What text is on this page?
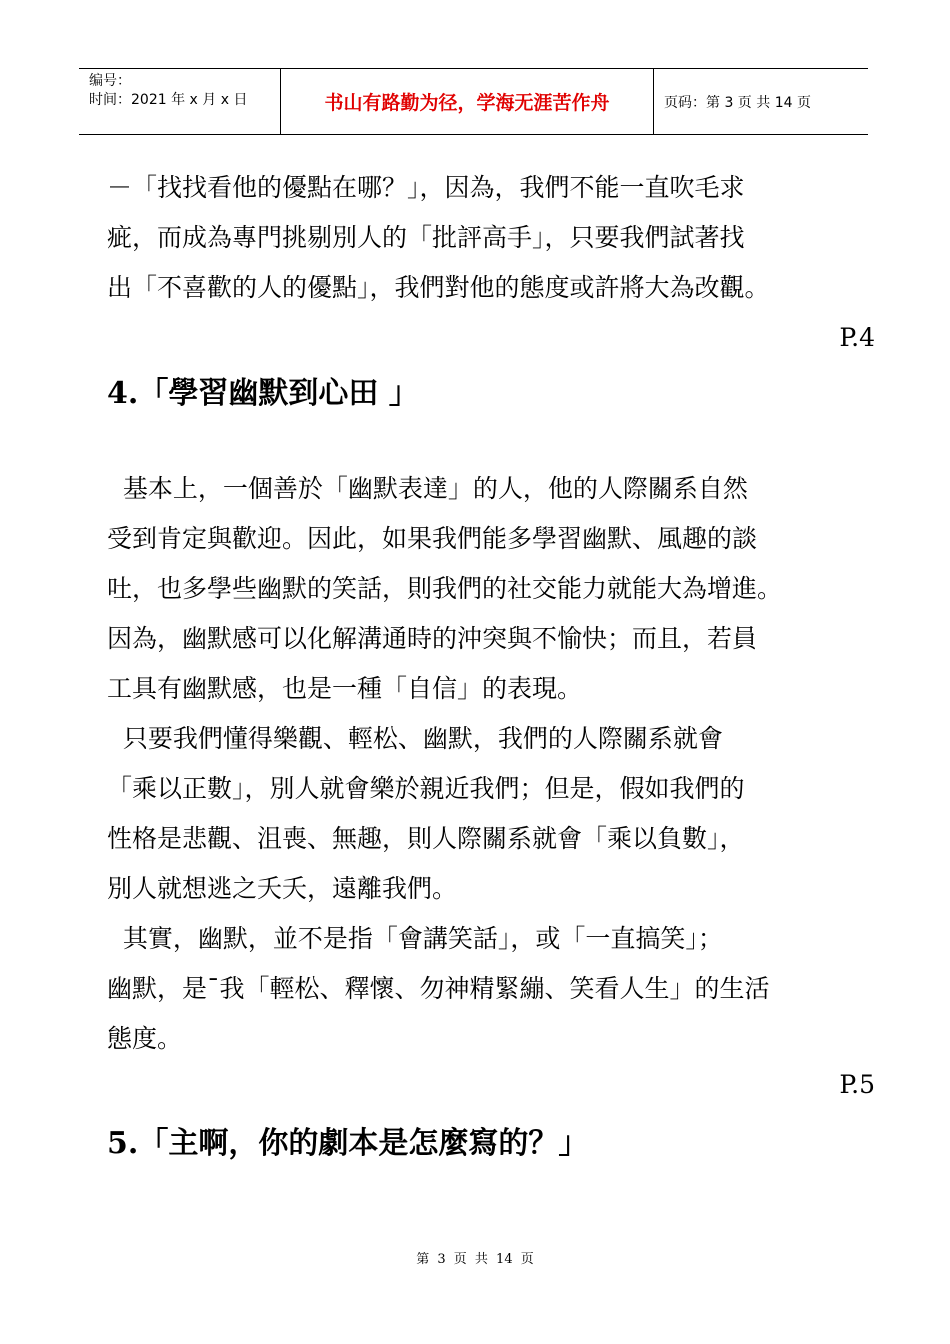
编号：
时间：2021 年 x 月 x 日	书山有路勤为径，学海无涯苦作舟	页码：第 3 页 共 14 页

－「找找看他的優點在哪？」，因為，我們不能一直吹毛求

疵，而成為專門挑剔別人的「批評高手」，只要我們試著找

出「不喜歡的人的優點」，我們對他的態度或許將大為改觀。

P.4
4.「學習幽默到心田 」

基本上，一個善於「幽默表達」的人，他的人際關系自然
受到肯定與歡迎。因此，如果我們能多學習幽默、風趣的談
吐，也多學些幽默的笑話，則我們的社交能力就能大為增進。
因為，幽默感可以化解溝通時的沖突與不愉快；而且，若員
工具有幽默感，也是一種「自信」的表現。

只要我們懂得樂觀、輕松、幽默，我們的人際關系就會
「乘以正數」，別人就會樂於親近我們；但是，假如我們的
性格是悲觀、沮喪、無趣，則人際關系就會「乘以負數」，
別人就想逃之夭夭，遠離我們。

其實，幽默，並不是指「會講笑話」，或「一直搞笑」；
幽默，是¯我「輕松、釋懷、勿神精緊繃、笑看人生」的生活
態度。

P.5
5.「主啊，你的劇本是怎麼寫的？」
第 3 页 共 14 页
